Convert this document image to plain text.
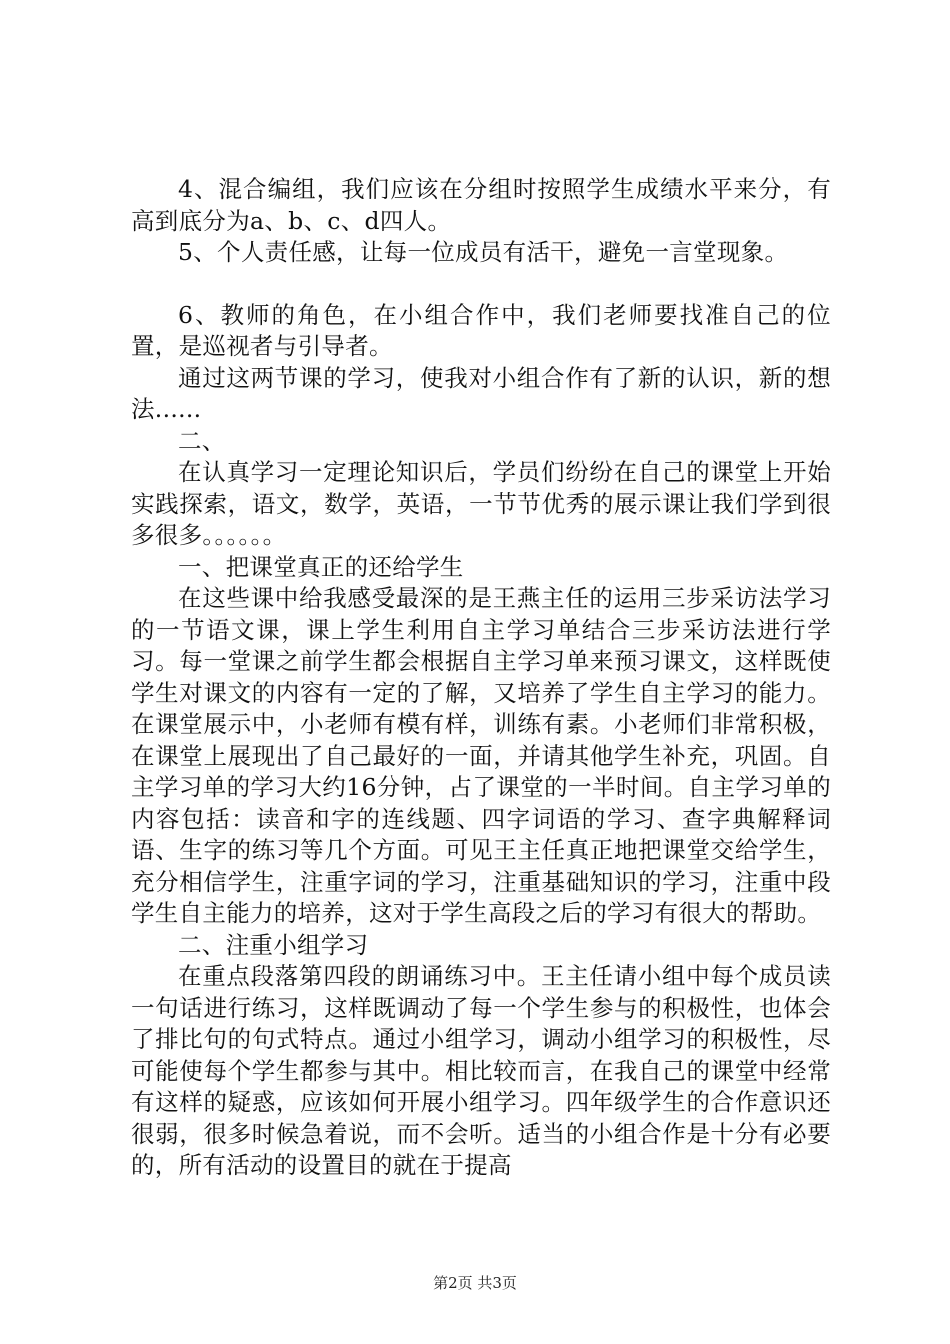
4、混合编组，我们应该在分组时按照学生成绩水平来分，有高到底分为a、b、c、d四人。

5、个人责任感，让每一位成员有活干，避免一言堂现象。

6、教师的角色，在小组合作中，我们老师要找准自己的位置，是巡视者与引导者。

通过这两节课的学习，使我对小组合作有了新的认识，新的想法......

二、

在认真学习一定理论知识后，学员们纷纷在自己的课堂上开始实践探索，语文，数学，英语，一节节优秀的展示课让我们学到很多很多。。。。。。

一、把课堂真正的还给学生

在这些课中给我感受最深的是王燕主任的运用三步采访法学习的一节语文课，课上学生利用自主学习单结合三步采访法进行学习。每一堂课之前学生都会根据自主学习单来预习课文，这样既使学生对课文的内容有一定的了解，又培养了学生自主学习的能力。在课堂展示中，小老师有模有样，训练有素。小老师们非常积极，在课堂上展现出了自己最好的一面，并请其他学生补充，巩固。自主学习单的学习大约16分钟，占了课堂的一半时间。自主学习单的内容包括：读音和字的连线题、四字词语的学习、查字典解释词语、生字的练习等几个方面。可见王主任真正地把课堂交给学生，充分相信学生，注重字词的学习，注重基础知识的学习，注重中段学生自主能力的培养，这对于学生高段之后的学习有很大的帮助。

二、注重小组学习

在重点段落第四段的朗诵练习中。王主任请小组中每个成员读一句话进行练习，这样既调动了每一个学生参与的积极性，也体会了排比句的句式特点。通过小组学习，调动小组学习的积极性，尽可能使每个学生都参与其中。相比较而言，在我自己的课堂中经常有这样的疑惑，应该如何开展小组学习。四年级学生的合作意识还很弱，很多时候急着说，而不会听。适当的小组合作是十分有必要的，所有活动的设置目的就在于提高

第2页 共3页
